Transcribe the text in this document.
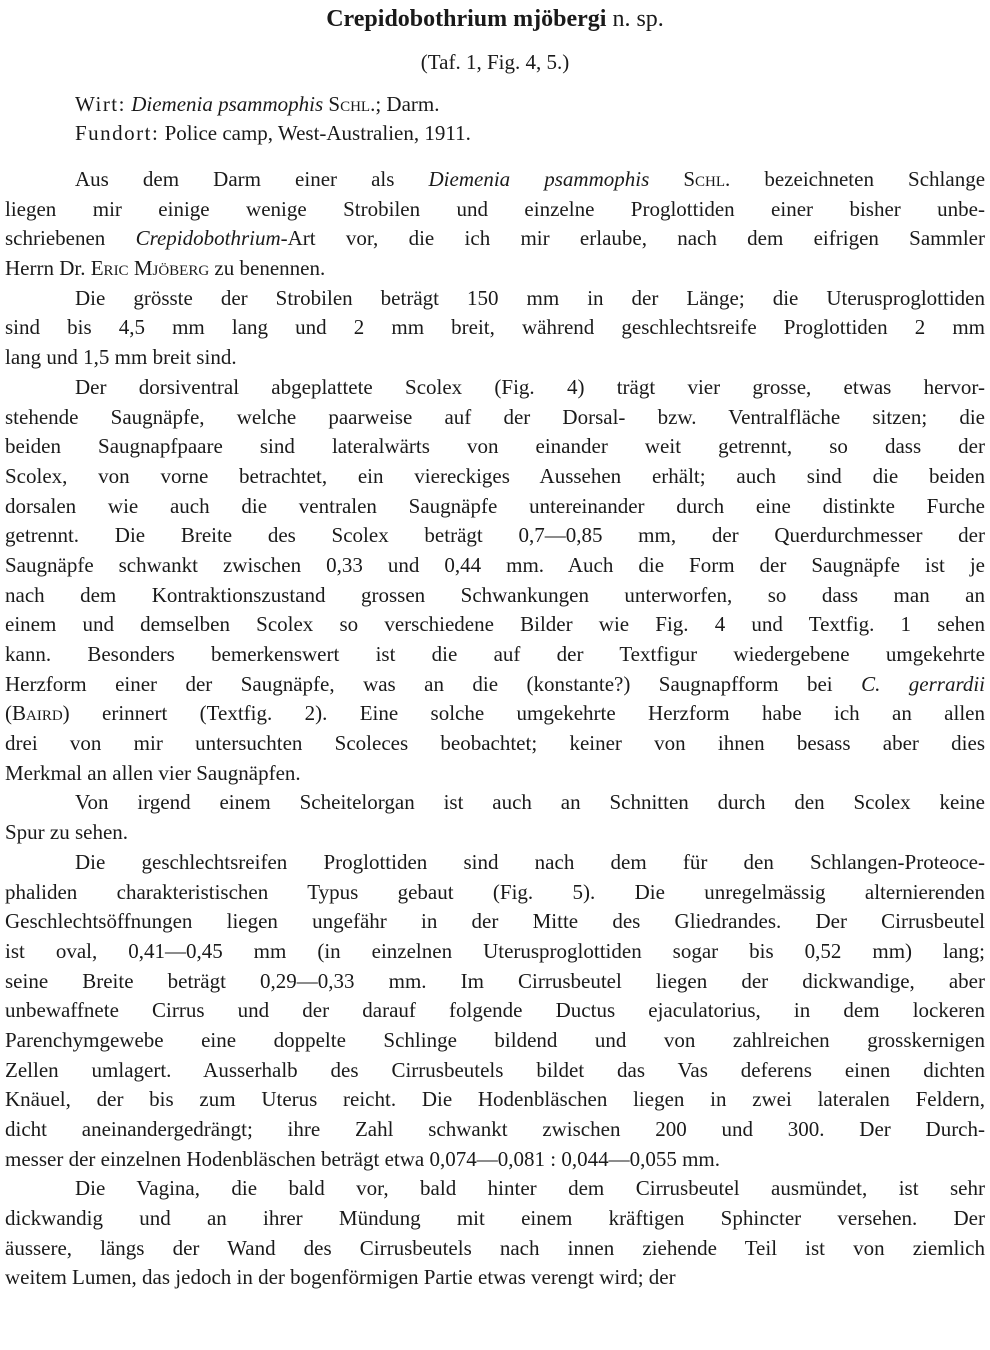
Crepidobothrium mjöbergi n. sp.
(Taf. 1, Fig. 4, 5.)
Wirt: Diemenia psammophis Schl.; Darm.
Fundort: Police camp, West-Australien, 1911.
Aus dem Darm einer als Diemenia psammophis Schl. bezeichneten Schlange
liegen mir einige wenige Strobilen und einzelne Proglottiden einer bisher unbe-
schriebenen Crepidobothrium-Art vor, die ich mir erlaube, nach dem eifrigen Sammler
Herrn Dr. Eric Mjöberg zu benennen.
Die grösste der Strobilen beträgt 150 mm in der Länge; die Uterusproglottiden
sind bis 4,5 mm lang und 2 mm breit, während geschlechtsreife Proglottiden 2 mm
lang und 1,5 mm breit sind.
Der dorsiventral abgeplattete Scolex (Fig. 4) trägt vier grosse, etwas hervor-
stehende Saugnäpfe, welche paarweise auf der Dorsal- bzw. Ventralfläche sitzen; die
beiden Saugnapfpaare sind lateralwärts von einander weit getrennt, so dass der
Scolex, von vorne betrachtet, ein viereckiges Aussehen erhält; auch sind die beiden
dorsalen wie auch die ventralen Saugnäpfe untereinander durch eine distinkte Furche
getrennt. Die Breite des Scolex beträgt 0,7—0,85 mm, der Querdurchmesser der
Saugnäpfe schwankt zwischen 0,33 und 0,44 mm. Auch die Form der Saugnäpfe ist je
nach dem Kontraktionszustand grossen Schwankungen unterworfen, so dass man an
einem und demselben Scolex so verschiedene Bilder wie Fig. 4 und Textfig. 1 sehen
kann. Besonders bemerkenswert ist die auf der Textfigur wiedergebene umgekehrte
Herzform einer der Saugnäpfe, was an die (konstante?) Saugnapfform bei C. gerrardii
(Baird) erinnert (Textfig. 2). Eine solche umgekehrte Herzform habe ich an allen
drei von mir untersuchten Scoleces beobachtet; keiner von ihnen besass aber dies
Merkmal an allen vier Saugnäpfen.
Von irgend einem Scheitelorgan ist auch an Schnitten durch den Scolex keine
Spur zu sehen.
Die geschlechtsreifen Proglottiden sind nach dem für den Schlangen-Proteoce-
phaliden charakteristischen Typus gebaut (Fig. 5). Die unregelmässig alternierenden
Geschlechtsöffnungen liegen ungefähr in der Mitte des Gliedrandes. Der Cirrusbeutel
ist oval, 0,41—0,45 mm (in einzelnen Uterusproglottiden sogar bis 0,52 mm) lang;
seine Breite beträgt 0,29—0,33 mm. Im Cirrusbeutel liegen der dickwandige, aber
unbewaffnete Cirrus und der darauf folgende Ductus ejaculatorius, in dem lockeren
Parenchymgewebe eine doppelte Schlinge bildend und von zahlreichen grosskernigen
Zellen umlagert. Ausserhalb des Cirrusbeutels bildet das Vas deferens einen dichten
Knäuel, der bis zum Uterus reicht. Die Hodenbläschen liegen in zwei lateralen Feldern,
dicht aneinandergedrängt; ihre Zahl schwankt zwischen 200 und 300. Der Durch-
messer der einzelnen Hodenbläschen beträgt etwa 0,074—0,081 : 0,044—0,055 mm.
Die Vagina, die bald vor, bald hinter dem Cirrusbeutel ausmündet, ist sehr
dickwandig und an ihrer Mündung mit einem kräftigen Sphincter versehen. Der
äussere, längs der Wand des Cirrusbeutels nach innen ziehende Teil ist von ziemlich
weitem Lumen, das jedoch in der bogenförmigen Partie etwas verengt wird; der
